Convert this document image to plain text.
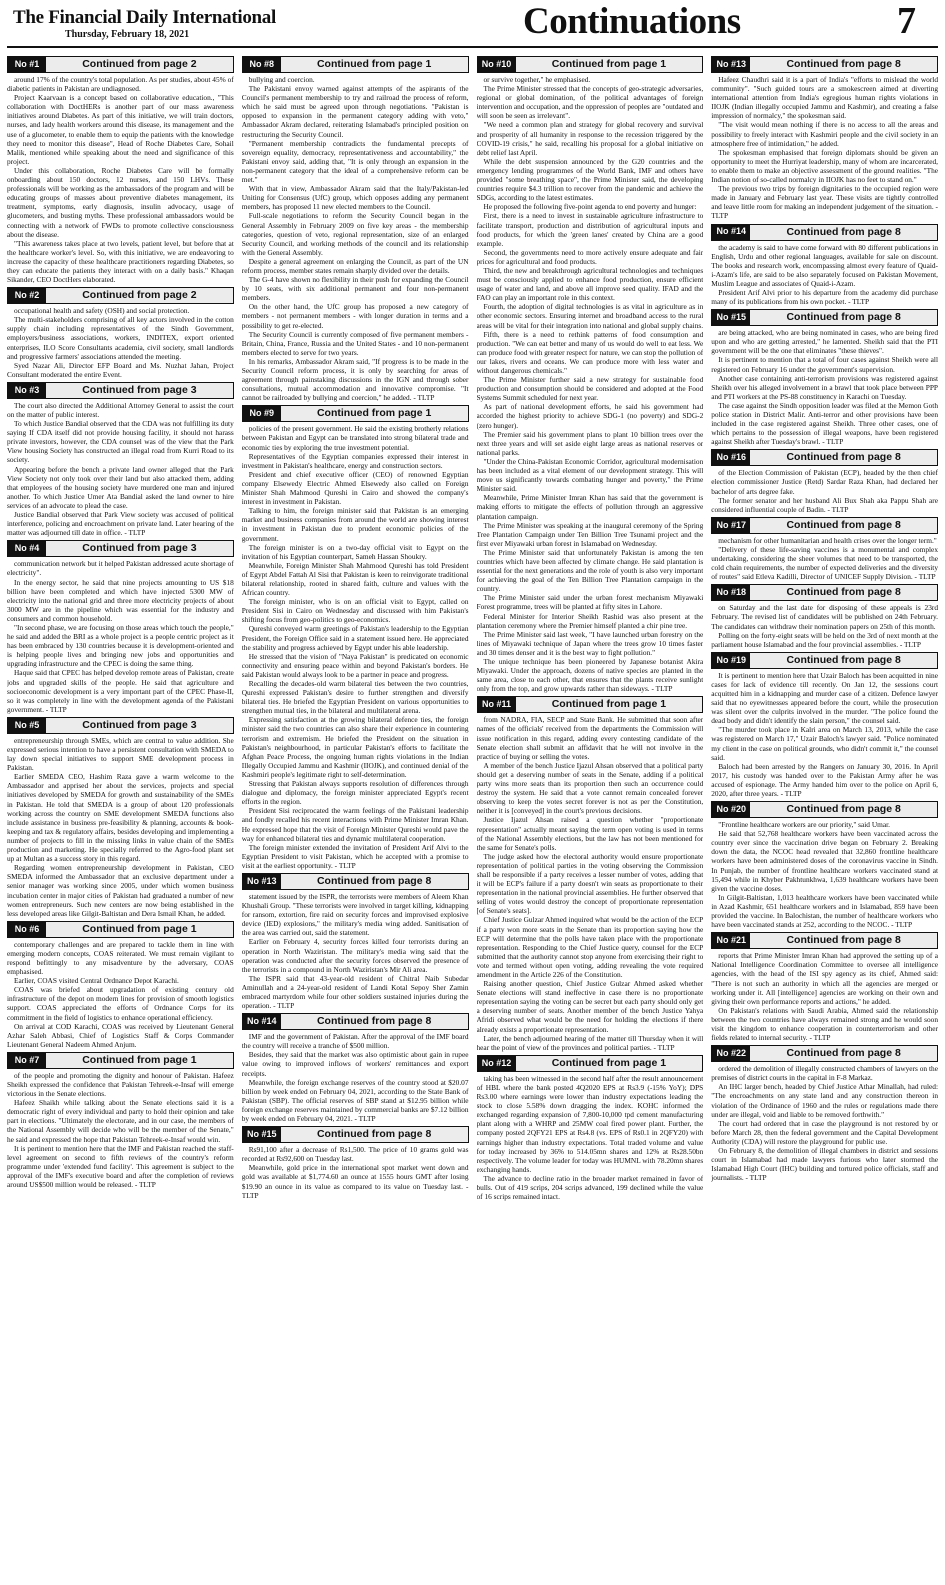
The Financial Daily International
Thursday, February 18, 2021	Continuations	7
No #1	Continued from page 2

around 17% of the country's total population. As per studies, about 45% of diabetic patients in Pakistan are undiagnosed.

Project Kaarvaan is a concept based on collaborative education., "This collaboration with DoctHERs is another part of our mass awareness initiatives around Diabetes. As part of this initiative, we will train doctors, nurses, and lady health workers around this disease, its management and the use of a glucometer, to enable them to equip the patients with the knowledge they need to monitor this disease", Head of Roche Diabetes Care, Sohail Malik, mentioned while speaking about the need and significance of this project.

Under this collaboration, Roche Diabetes Care will be formally onboarding about 150 doctors, 12 nurses, and 150 LHVs. These professionals will be working as the ambassadors of the program and will be educating groups of masses about preventive diabetes management, its treatment, symptoms, early diagnosis, insulin advocacy, usage of glucometers, and busting myths. These professional ambassadors would be connecting with a network of FWDs to promote collective consciousness about the disease.

"This awareness takes place at two levels, patient level, but before that at the healthcare worker's level. So, with this initiative, we are endeavoring to increase the capacity of these healthcare practitioners regarding Diabetes, so they can educate the patients they interact with on a daily basis." Khaqan Sikander, CEO DoctHers elaborated.

No #2	Continued from page 2

occupational health and safety (OSH) and social protection.

The multi-stakeholders comprising of all key actors involved in the cotton supply chain including representatives of the Sindh Government, employers/business associations, workers, INDITEX, export oriented enterprises, ILO Score Consultants academia, civil society, small landlords and progressive farmers' associations attended the meeting.

Syed Nazar Ali, Director EFP Board and Ms. Nuzhat Jahan, Project Consultant moderated the entire Event.

No #3	Continued from page 3

The court also directed the Additional Attorney General to assist the court on the matter of public interest.

To which Justice Bandial observed that the CDA was not fulfilling its duty saying If CDA itself did not provide housing facility, it should not harass private investors, however, the CDA counsel was of the view that the Park View housing Society has constructed an illegal road from Kurri Road to its society.

Appearing before the bench a private land owner alleged that the Park View Society not only took over their land but also attacked them, adding that employees of the housing society have murdered one man and injured another. To which Justice Umer Ata Bandial asked the land owner to hire services of an advocate to plead the case.

Justice Bandial observed that Park View society was accused of political interference, policing and encroachment on private land. Later hearing of the matter was adjourned till date in office. - TLTP

No #4	Continued from page 3

communication network but it helped Pakistan addressed acute shortage of electricity".

In the energy sector, he said that nine projects amounting to US $18 billion have been completed and which have injected 5300 MW of electricity into the national grid and three more electricity projects of about 3000 MW are in the pipeline which was essential for the industry and consumers and common household.

"In second phase, we are focusing on those areas which touch the people," he said and added the BRI as a whole project is a people centric project as it has been embraced by 130 countries because it is development-oriented and is helping people lives and bringing new jobs and opportunities and upgrading infrastructure and the CPEC is doing the same thing.

Haque said that CPEC has helped develop remote areas of Pakistan, create jobs and upgraded skills of the people. He said that agriculture and socioeconomic development is a very important part of the CPEC Phase-II, so it was completely in line with the development agenda of the Pakistani government. - TLTP

No #5	Continued from page 3

entrepreneurship through SMEs, which are central to value addition. She expressed serious intention to have a persistent consultation with SMEDA to lay down special initiatives to support SME development process in Pakistan.

Earlier SMEDA CEO, Hashim Raza gave a warm welcome to the Ambassador and apprised her about the services, projects and special initiatives developed by SMEDA for growth and sustainability of the SMEs in Pakistan. He told that SMEDA is a group of about 120 professionals working across the country on SME development SMEDA functions also include assistance in business pre-feasibility & planning, accounts & book-keeping and tax & regulatory affairs, besides developing and implementing a number of projects to fill in the missing links in value chain of the SMEs production and marketing. He specially referred to the Agro-food plant set up at Multan as a success story in this regard.

Regarding women entrepreneurship development in Pakistan, CEO SMEDA informed the Ambassador that an exclusive department under a senior manager was working since 2005, under which women business incubation center in major cities of Pakistan had graduated a number of new women entrepreneurs. Such new centers are now being established in the less developed areas like Gilgit-Baltistan and Dera Ismail Khan, he added.

No #6	Continued from page 1

contemporary challenges and are prepared to tackle them in line with emerging modern concepts, COAS reiterated. We must remain vigilant to respond befittingly to any misadventure by the adversary, COAS emphasised.

Earlier, COAS visited Central Ordnance Depot Karachi.

COAS was briefed about upgradation of existing century old infrastructure of the depot on modern lines for provision of smooth logistics support. COAS appreciated the efforts of Ordnance Corps for its commitment in the field of logistics to enhance operational efficiency.

On arrival at COD Karachi, COAS was received by Lieutenant General Azhar Saleh Abbasi, Chief of Logistics Staff & Corps Commander Lieutenant General Nadeem Ahmed Anjum.

No #7	Continued from page 1

of the people and promoting the dignity and honour of Pakistan. Hafeez Sheikh expressed the confidence that Pakistan Tehreek-e-Insaf will emerge victorious in the Senate elections.

Hafeez Shaikh while talking about the Senate elections said it is a democratic right of every individual and party to hold their opinion and take part in elections. "Ultimately the electorate, and in our case, the members of the National Assembly will decide who will be the member of the Senate," he said and expressed the hope that Pakistan Tehreek-e-Insaf would win.

It is pertinent to mention here that the IMF and Pakistan reached the staff-level agreement on second to fifth reviews of the country's reform programme under 'extended fund facility'. This agreement is subject to the approval of the IMF's executive board and after the completion of reviews around US$500 million would be released. - TLTP

No #8	Continued from page 1

bullying and coercion.

The Pakistani envoy warned against attempts of the aspirants of the Council's permanent membership to try and railroad the process of reform, which he said must be agreed upon through negotiations. "Pakistan is opposed to expansion in the permanent category adding with veto," Ambassador Akram declared, reiterating Islamabad's principled position on restructuring the Security Council.

"Permanent membership contradicts the fundamental precepts of sovereign equality, democracy, representativeness and accountability," the Pakistani envoy said, adding that, "It is only through an expansion in the non-permanent category that the ideal of a comprehensive reform can be met."

With that in view, Ambassador Akram said that the Italy/Pakistan-led Uniting for Consensus (UfC) group, which opposes adding any permanent members, has proposed 11 new elected members to the Council.

Full-scale negotiations to reform the Security Council began in the General Assembly in February 2009 on five key areas - the membership categories, question of veto, regional representation, size of an enlarged Security Council, and working methods of the council and its relationship with the General Assembly.

Despite a general agreement on enlarging the Council, as part of the UN reform process, member states remain sharply divided over the details.

The G-4 have shown no flexibility in their push for expanding the Council by 10 seats, with six additional permanent and four non-permanent members.

On the other hand, the UfC group has proposed a new category of members - not permanent members - with longer duration in terms and a possibility to get re-elected.

The Security Council is currently composed of five permanent members - Britain, China, France, Russia and the United States - and 10 non-permanent members elected to serve for two years.

In his remarks, Ambassador Akram said, "If progress is to be made in the Security Council reform process, it is only by searching for areas of agreement through painstaking discussions in the IGN and through sober consultations, mutual accommodation and innovative compromise. "It cannot be railroaded by bullying and coercion," he added. - TLTP

No #9	Continued from page 1

policies of the present government. He said the existing brotherly relations between Pakistan and Egypt can be translated into strong bilateral trade and economic ties by exploring the true investment potential.

Representatives of the Egyptian companies expressed their interest in investment in Pakistan's healthcare, energy and construction sectors.

President and chief executive officer (CEO) of renowned Egyptian company Elsewedy Electric Ahmed Elsewedy also called on Foreign Minister Shah Mahmood Qureshi in Cairo and showed the company's interest in investment in Pakistan.

Talking to him, the foreign minister said that Pakistan is an emerging market and business companies from around the world are showing interest in investment in Pakistan due to prudent economic policies of the government.

The foreign minister is on a two-day official visit to Egypt on the invitation of his Egyptian counterpart, Sameh Hassan Shoukry.

Meanwhile, Foreign Minister Shah Mahmood Qureshi has told President of Egypt Abdel Fattah Al Sisi that Pakistan is keen to reinvigorate traditional bilateral relationship, rooted in shared faith, culture and values with the African country.

The foreign minister, who is on an official visit to Egypt, called on President Sisi in Cairo on Wednesday and discussed with him Pakistan's shifting focus from geo-politics to geo-economics.

Qureshi conveyed warm greetings of Pakistan's leadership to the Egyptian President, the Foreign Office said in a statement issued here. He appreciated the stability and progress achieved by Egypt under his able leadership.

He stressed that the vision of "Naya Pakistan" is predicated on economic connectivity and ensuring peace within and beyond Pakistan's borders. He said Pakistan would always look to be a partner in peace and progress.

Recalling the decades-old warm bilateral ties between the two countries, Qureshi expressed Pakistan's desire to further strengthen and diversify bilateral ties. He briefed the Egyptian President on various opportunities to strengthen mutual ties, in the bilateral and multilateral arena.

Expressing satisfaction at the growing bilateral defence ties, the foreign minister said the two countries can also share their experience in countering terrorism and extremism. He briefed the President on the situation in Pakistan's neighbourhood, in particular Pakistan's efforts to facilitate the Afghan Peace Process, the ongoing human rights violations in the Indian Illegally Occupied Jammu and Kashmir (IIOJK), and continued denial of the Kashmiri people's legitimate right to self-determination.

Stressing that Pakistan always supports resolution of differences through dialogue and diplomacy, the foreign minister appreciated Egypt's recent efforts in the region.

President Sisi reciprocated the warm feelings of the Pakistani leadership and fondly recalled his recent interactions with Prime Minister Imran Khan. He expressed hope that the visit of Foreign Minister Qureshi would pave the way for enhanced bilateral ties and dynamic multilateral cooperation.

The foreign minister extended the invitation of President Arif Alvi to the Egyptian President to visit Pakistan, which he accepted with a promise to visit at the earliest opportunity. - TLTP

No #13	Continued from page 8

statement issued by the ISPR, the terrorists were members of Aleem Khan Khushali Group. "These terrorists were involved in target killing, kidnapping for ransom, extortion, fire raid on security forces and improvised explosive device (IED) explosions," the military's media wing added. Sanitisation of the area was carried out, said the statement.

Earlier on February 4, security forces killed four terrorists during an operation in North Waziristan. The military's media wing said that the operation was conducted after the security forces observed the presence of the terrorists in a compound in North Waziristan's Mir Ali area.

The ISPR said that 43-year-old resident of Chitral Naib Subedar Aminullah and a 24-year-old resident of Landi Kotal Sepoy Sher Zamin embraced martyrdom while four other soldiers sustained injuries during the operation. - TLTP

No #14	Continued from page 8

IMF and the government of Pakistan. After the approval of the IMF board the country will receive a tranche of $500 million.

Besides, they said that the market was also optimistic about gain in rupee value owing to improved inflows of workers' remittances and export receipts.

Meanwhile, the foreign exchange reserves of the country stood at $20.07 billion by week ended on February 04, 2021, according to the State Bank of Pakistan (SBP). The official reserves of SBP stand at $12.95 billion while foreign exchange reserves maintained by commercial banks are $7.12 billion by week ended on February 04, 2021. - TLTP

No #15	Continued from page 8

Rs91,100 after a decrease of Rs1,500. The price of 10 grams gold was recorded at Rs92,600 on Tuesday last.

Meanwhile, gold price in the international spot market went down and gold was available at $1,774.60 an ounce at 1555 hours GMT after losing $19.90 an ounce in its value as compared to its value on Tuesday last. - TLTP

No #10	Continued from page 1

or survive together," he emphasised.

The Prime Minister stressed that the concepts of geo-strategic adversaries, regional or global domination, of the political advantages of foreign intervention and occupation, and the oppression of peoples are "outdated and will soon be seen as irrelevant".

"We need a common plan and strategy for global recovery and survival and prosperity of all humanity in response to the recession triggered by the COVID-19 crisis," he said, recalling his proposal for a global initiative on debt relief last April.

While the debt suspension announced by the G20 countries and the emergency lending programmes of the World Bank, IMF and others have provided "some breathing space", the Prime Minister said, the developing countries require $4.3 trillion to recover from the pandemic and achieve the SDGs, according to the latest estimates.

He proposed the following five-point agenda to end poverty and hunger:

First, there is a need to invest in sustainable agriculture infrastructure to facilitate transport, production and distribution of agricultural inputs and food products, for which the 'green lanes' created by China are a good example.

Second, the governments need to more actively ensure adequate and fair prices for agricultural and food products.

Third, the new and breakthrough agricultural technologies and techniques must be consciously applied to enhance food production, ensure efficient usage of water and land, and above all improve seed quality. IFAD and the FAO can play an important role in this context.

Fourth, the adoption of digital technologies is as vital in agriculture as in other economic sectors. Ensuring internet and broadband access to the rural areas will be vital for their integration into national and global supply chains.

Fifth, there is a need to rethink patterns of food consumption and production. "We can eat better and many of us would do well to eat less. We can produce food with greater respect for nature, we can stop the pollution of our lakes, rivers and oceans. We can produce more with less water and without dangerous chemicals."

The Prime Minister further said a new strategy for sustainable food production and consumption should be considered and adopted at the Food Systems Summit scheduled for next year.

As part of national development efforts, he said his government had accorded the highest priority to achieve SDG-1 (no poverty) and SDG-2 (zero hunger).

The Premier said his government plans to plant 10 billion trees over the next three years and will set aside eight large areas as national reserves or national parks.

"Under the China-Pakistan Economic Corridor, agricultural modernisation has been included as a vital element of our development strategy. This will move us significantly towards combating hunger and poverty," the Prime Minister said.

Meanwhile, Prime Minister Imran Khan has said that the government is making efforts to mitigate the effects of pollution through an aggressive plantation campaign.

The Prime Minister was speaking at the inaugural ceremony of the Spring Tree Plantation Campaign under Ten Billion Tree Tsunami project and the first ever Miyawaki urban forest in Islamabad on Wednesday.

The Prime Minister said that unfortunately Pakistan is among the ten countries which have been affected by climate change. He said plantation is essential for the next generations and the role of youth is also very important for achieving the goal of the Ten Billion Tree Plantation campaign in the country.

The Prime Minister said under the urban forest mechanism Miyawaki Forest programme, trees will be planted at fifty sites in Lahore.

Federal Minister for Interior Sheikh Rashid was also present at the plantation ceremony where the Premier himself planted a chir pine tree.

The Prime Minister said last week, "I have launched urban forestry on the lines of Miyawaki technique of Japan where the trees grow 10 times faster and 30 times denser and it is the best way to fight pollution."

The unique technique has been pioneered by Japanese botanist Akira Miyawaki. Under the approach, dozens of native species are planted in the same area, close to each other, that ensures that the plants receive sunlight only from the top, and grow upwards rather than sideways. - TLTP

No #11	Continued from page 1

from NADRA, FIA, SECP and State Bank. He submitted that soon after names of the officials' received from the departments the Commission will issue notification in this regard, adding every contesting candidate of the Senate election shall submit an affidavit that he will not involve in the practice of buying or selling the votes.

A member of the bench Justice Ijazul Ahsan observed that a political party should get a deserving number of seats in the Senate, adding if a political party wins more seats than its proportion then such an occurrence could destroy the system. He said that a vote cannot remain concealed forever observing to keep the votes secret forever is not as per the Constitution, neither it is [conveyed] in the court's previous decisions.

Justice Ijazul Ahsan raised a question whether "proportionate representation" actually meant saying the term open voting is used in terms of the National Assembly elections, but the law has not been mentioned for the same for Senate's polls.

The judge asked how the electoral authority would ensure proportionate representation of political parties in the voting observing the Commission shall be responsible if a party receives a lesser number of votes, adding that it will be ECP's failure if a party doesn't win seats as proportionate to their representation in the national provincial assemblies. He further observed that selling of votes would destroy the concept of proportionate representation [of Senate's seats].

Chief Justice Gulzar Ahmed inquired what would be the action of the ECP if a party won more seats in the Senate than its proportion saying how the ECP will determine that the polls have taken place with the proportionate representation. Responding to the Chief Justice query, counsel for the ECP submitted that the authority cannot stop anyone from exercising their right to vote and termed without open voting, adding revealing the vote required amendment in the Article 226 of the Constitution.

Raising another question, Chief Justice Gulzar Ahmed asked whether Senate elections will stand ineffective in case there is no proportionate representation saying the voting can be secret but each party should only get a deserving number of seats. Another member of the bench Justice Yahya Afridi observed what would be the need for holding the elections if there already exists a proportionate representation.

Later, the bench adjourned hearing of the matter till Thursday when it will hear the point of view of the provinces and political parties. - TLTP

No #12	Continued from page 1

taking has been witnessed in the second half after the result announcement of HBL where the bank posted 4Q2020 EPS at Rs3.9 (-15% YoY); DPS Rs3.00 where earnings were lower than industry expectations leading the stock to close 5.58% down dragging the index. KOHC informed the exchanged regarding expansion of 7,800-10,000 tpd cement manufacturing plant along with a WHRP and 25MW coal fired power plant. Further, the company posted 2QFY21 EPS at Rs4.8 (vs. EPS of Rs0.1 in 2QFY20) with earnings higher than industry expectations. Total traded volume and value for today increased by 36% to 514.05mn shares and 12% at Rs28.50bn respectively. The volume leader for today was HUMNL with 78.20mn shares exchanging hands.

The advance to decline ratio in the broader market remained in favor of bulls. Out of 419 scrips, 204 scrips advanced, 199 declined while the value of 16 scrips remained intact.

No #13	Continued from page 8

Hafeez Chaudhri said it is a part of India's "efforts to mislead the world community". "Such guided tours are a smokescreen aimed at diverting international attention from India's egregious human rights violations in IIOJK (Indian illegally occupied Jammu and Kashmir), and creating a false impression of normalcy," the spokesman said.

"The visit would mean nothing if there is no access to all the areas and possibility to freely interact with Kashmiri people and the civil society in an atmosphere free of intimidation," he added.

The spokesman emphasised that foreign diplomats should be given an opportunity to meet the Hurriyat leadership, many of whom are incarcerated, to enable them to make an objective assessment of the ground realities. "The Indian notion of so-called normalcy in IIOJK has no feet to stand on."

The previous two trips by foreign dignitaries to the occupied region were made in January and February last year. These visits are tightly controlled and leave little room for making an independent judgement of the situation. - TLTP

No #14	Continued from page 8

the academy is said to have come forward with 80 different publications in English, Urdu and other regional languages, available for sale on discount. The books and research work, encompassing almost every feature of Quaid-i-Azam's life, are said to be also separately focused on Pakistan Movement, Muslim League and associates of Quaid-i-Azam.

President Arif Alvi prior to his departure from the academy did purchase many of its publications from his own pocket. - TLTP

No #15	Continued from page 8

are being attacked, who are being nominated in cases, who are being fired upon and who are getting arrested," he lamented. Sheikh said that the PTI government will be the one that eliminates "these thieves".

It is pertinent to mention that a total of four cases against Sheikh were all registered on February 16 under the government's supervision.

Another case containing anti-terrorism provisions was registered against Sheikh over his alleged involvement in a brawl that took place between PPP and PTI workers at the PS-88 constituency in Karachi on Tuesday.

The case against the Sindh opposition leader was filed at the Memon Goth police station in District Malir. Anti-terror and other provisions have been included in the case registered against Sheikh. Three other cases, one of which pertains to the possession of illegal weapons, have been registered against Sheikh after Tuesday's brawl. - TLTP

No #16	Continued from page 8

of the Election Commission of Pakistan (ECP), headed by the then chief election commissioner Justice (Retd) Sardar Raza Khan, had declared her bachelor of arts degree fake.

The former senator and her husband Ali Bux Shah aka Pappu Shah are considered influential couple of Badin. - TLTP

No #17	Continued from page 8

mechanism for other humanitarian and health crises over the longer term."

"Delivery of these life-saving vaccines is a monumental and complex undertaking, considering the sheer volumes that need to be transported, the cold chain requirements, the number of expected deliveries and the diversity of routes" said Etleva Kadilli, Director of UNICEF Supply Division. - TLTP

No #18	Continued from page 8

on Saturday and the last date for disposing of these appeals is 23rd February. The revised list of candidates will be published on 24th February. The candidates can withdraw their nomination papers on 25th of this month.

Polling on the forty-eight seats will be held on the 3rd of next month at the parliament house Islamabad and the four provincial assemblies. - TLTP

No #19	Continued from page 8

It is pertinent to mention here that Uzair Baloch has been acquitted in nine cases for lack of evidence till recently. On Jan 12, the sessions court acquitted him in a kidnapping and murder case of a citizen. Defence lawyer said that no eyewitnesses appeared before the court, while the prosecution was silent over the culprits involved in the murder. "The police found the dead body and didn't identify the slain person," the counsel said.

"The murder took place in Kalri area on March 13, 2013, while the case was registered on March 17," Uzair Baloch's lawyer said. "Police nominated my client in the case on political grounds, who didn't commit it," the counsel said.

Baloch had been arrested by the Rangers on January 30, 2016. In April 2017, his custody was handed over to the Pakistan Army after he was accused of espionage. The Army handed him over to the police on April 6, 2020, after three years. - TLTP

No #20	Continued from page 8

"Frontline healthcare workers are our priority," said Umar.

He said that 52,768 healthcare workers have been vaccinated across the country ever since the vaccination drive began on February 2. Breaking down the data, the NCOC head revealed that 32,860 frontline healthcare workers have been administered doses of the coronavirus vaccine in Sindh. In Punjab, the number of frontline healthcare workers vaccinated stand at 15,494 while in Khyber Pakhtunkhwa, 1,639 healthcare workers have been given the vaccine doses.

In Gilgit-Baltistan, 1,013 healthcare workers have been vaccinated while in Azad Kashmir, 651 healthcare workers and in Islamabad, 859 have been provided the vaccine. In Balochistan, the number of healthcare workers who have been vaccinated stands at 252, according to the NCOC. - TLTP

No #21	Continued from page 8

reports that Prime Minister Imran Khan had approved the setting up of a National Intelligence Coordination Committee to oversee all intelligence agencies, with the head of the ISI spy agency as its chief, Ahmed said: "There is not such an authority in which all the agencies are merged or working under it. All [intelligence] agencies are working on their own and giving their own performance reports and actions," he added.

On Pakistan's relations with Saudi Arabia, Ahmed said the relationship between the two countries have always remained strong and he would soon visit the kingdom to enhance cooperation in counterterrorism and other fields related to internal security. - TLTP

No #22	Continued from page 8

ordered the demolition of illegally constructed chambers of lawyers on the premises of district courts in the capital in F-8 Markaz.

An IHC larger bench, headed by Chief Justice Athar Minallah, had ruled: "The encroachments on any state land and any construction thereon in violation of the Ordinance of 1960 and the rules or regulations made there under are illegal, void and liable to be removed forthwith."

The court had ordered that in case the playground is not restored by or before March 28, then the federal government and the Capital Development Authority (CDA) will restore the playground for public use.

On February 8, the demolition of illegal chambers in district and sessions court in Islamabad had made lawyers furious who later stormed the Islamabad High Court (IHC) building and tortured police officials, staff and journalists. - TLTP
